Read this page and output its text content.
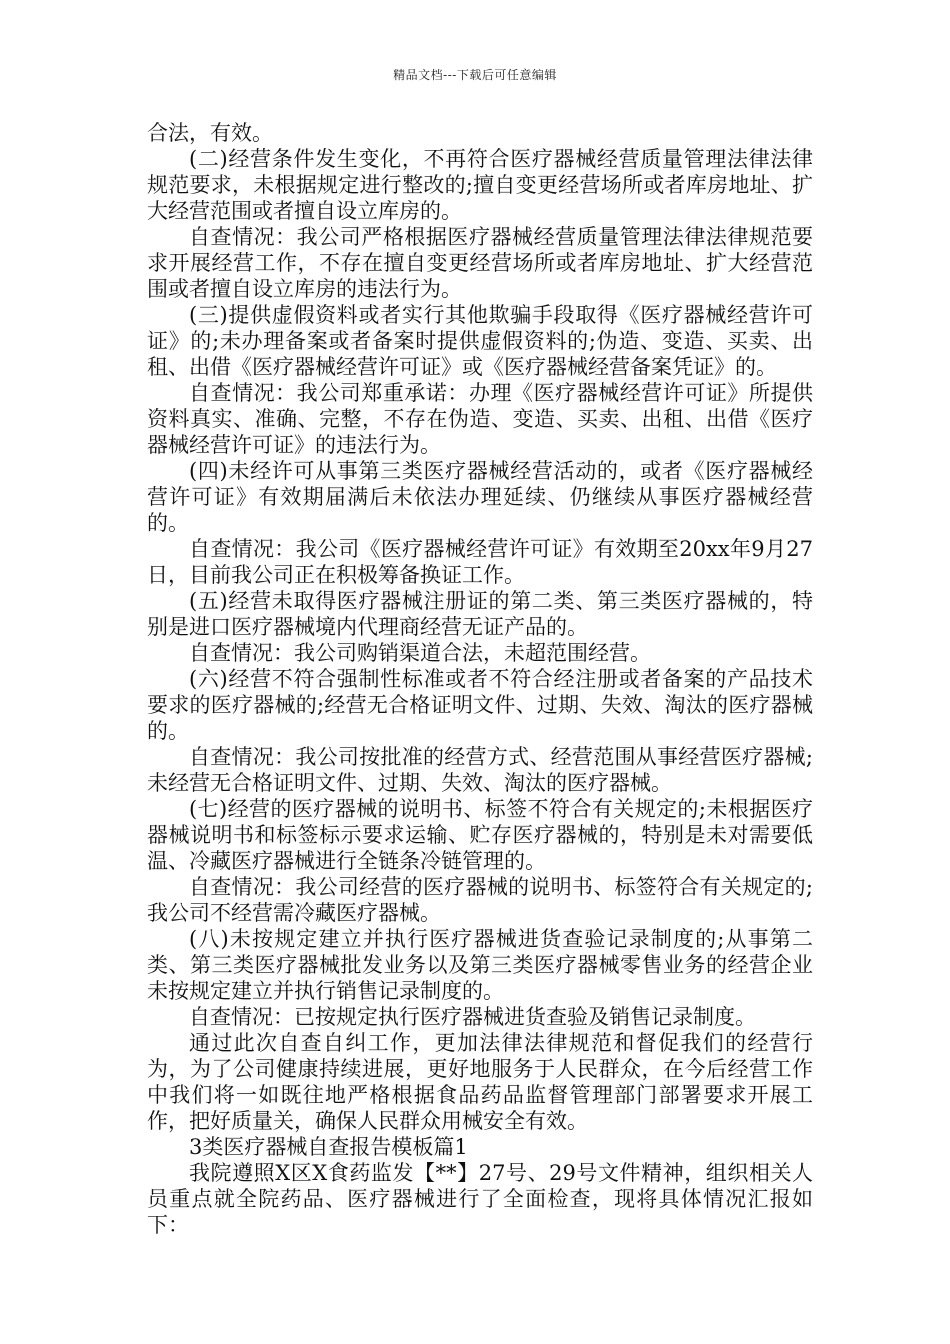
精品文档---下载后可任意编辑

合法，有效。

(二)经营条件发生变化，不再符合医疗器械经营质量管理法律法律规范要求，未根据规定进行整改的;擅自变更经营场所或者库房地址、扩大经营范围或者擅自设立库房的。

自查情况：我公司严格根据医疗器械经营质量管理法律法律规范要求开展经营工作，不存在擅自变更经营场所或者库房地址、扩大经营范围或者擅自设立库房的违法行为。

(三)提供虚假资料或者实行其他欺骗手段取得《医疗器械经营许可证》的;未办理备案或者备案时提供虚假资料的;伪造、变造、买卖、出租、出借《医疗器械经营许可证》或《医疗器械经营备案凭证》的。

自查情况：我公司郑重承诺：办理《医疗器械经营许可证》所提供资料真实、准确、完整，不存在伪造、变造、买卖、出租、出借《医疗器械经营许可证》的违法行为。

(四)未经许可从事第三类医疗器械经营活动的，或者《医疗器械经营许可证》有效期届满后未依法办理延续、仍继续从事医疗器械经营的。

自查情况：我公司《医疗器械经营许可证》有效期至20xx年9月27日，目前我公司正在积极筹备换证工作。

(五)经营未取得医疗器械注册证的第二类、第三类医疗器械的，特别是进口医疗器械境内代理商经营无证产品的。

自查情况：我公司购销渠道合法，未超范围经营。

(六)经营不符合强制性标准或者不符合经注册或者备案的产品技术要求的医疗器械的;经营无合格证明文件、过期、失效、淘汰的医疗器械的。

自查情况：我公司按批准的经营方式、经营范围从事经营医疗器械;未经营无合格证明文件、过期、失效、淘汰的医疗器械。

(七)经营的医疗器械的说明书、标签不符合有关规定的;未根据医疗器械说明书和标签标示要求运输、贮存医疗器械的，特别是未对需要低温、冷藏医疗器械进行全链条冷链管理的。

自查情况：我公司经营的医疗器械的说明书、标签符合有关规定的;我公司不经营需冷藏医疗器械。

(八)未按规定建立并执行医疗器械进货查验记录制度的;从事第二类、第三类医疗器械批发业务以及第三类医疗器械零售业务的经营企业未按规定建立并执行销售记录制度的。

自查情况：已按规定执行医疗器械进货查验及销售记录制度。

通过此次自查自纠工作，更加法律法律规范和督促我们的经营行为，为了公司健康持续进展，更好地服务于人民群众，在今后经营工作中我们将一如既往地严格根据食品药品监督管理部门部署要求开展工作，把好质量关，确保人民群众用械安全有效。

3类医疗器械自查报告模板篇1

我院遵照X区X食药监发【**】27号、29号文件精神，组织相关人员重点就全院药品、医疗器械进行了全面检查，现将具体情况汇报如下：
